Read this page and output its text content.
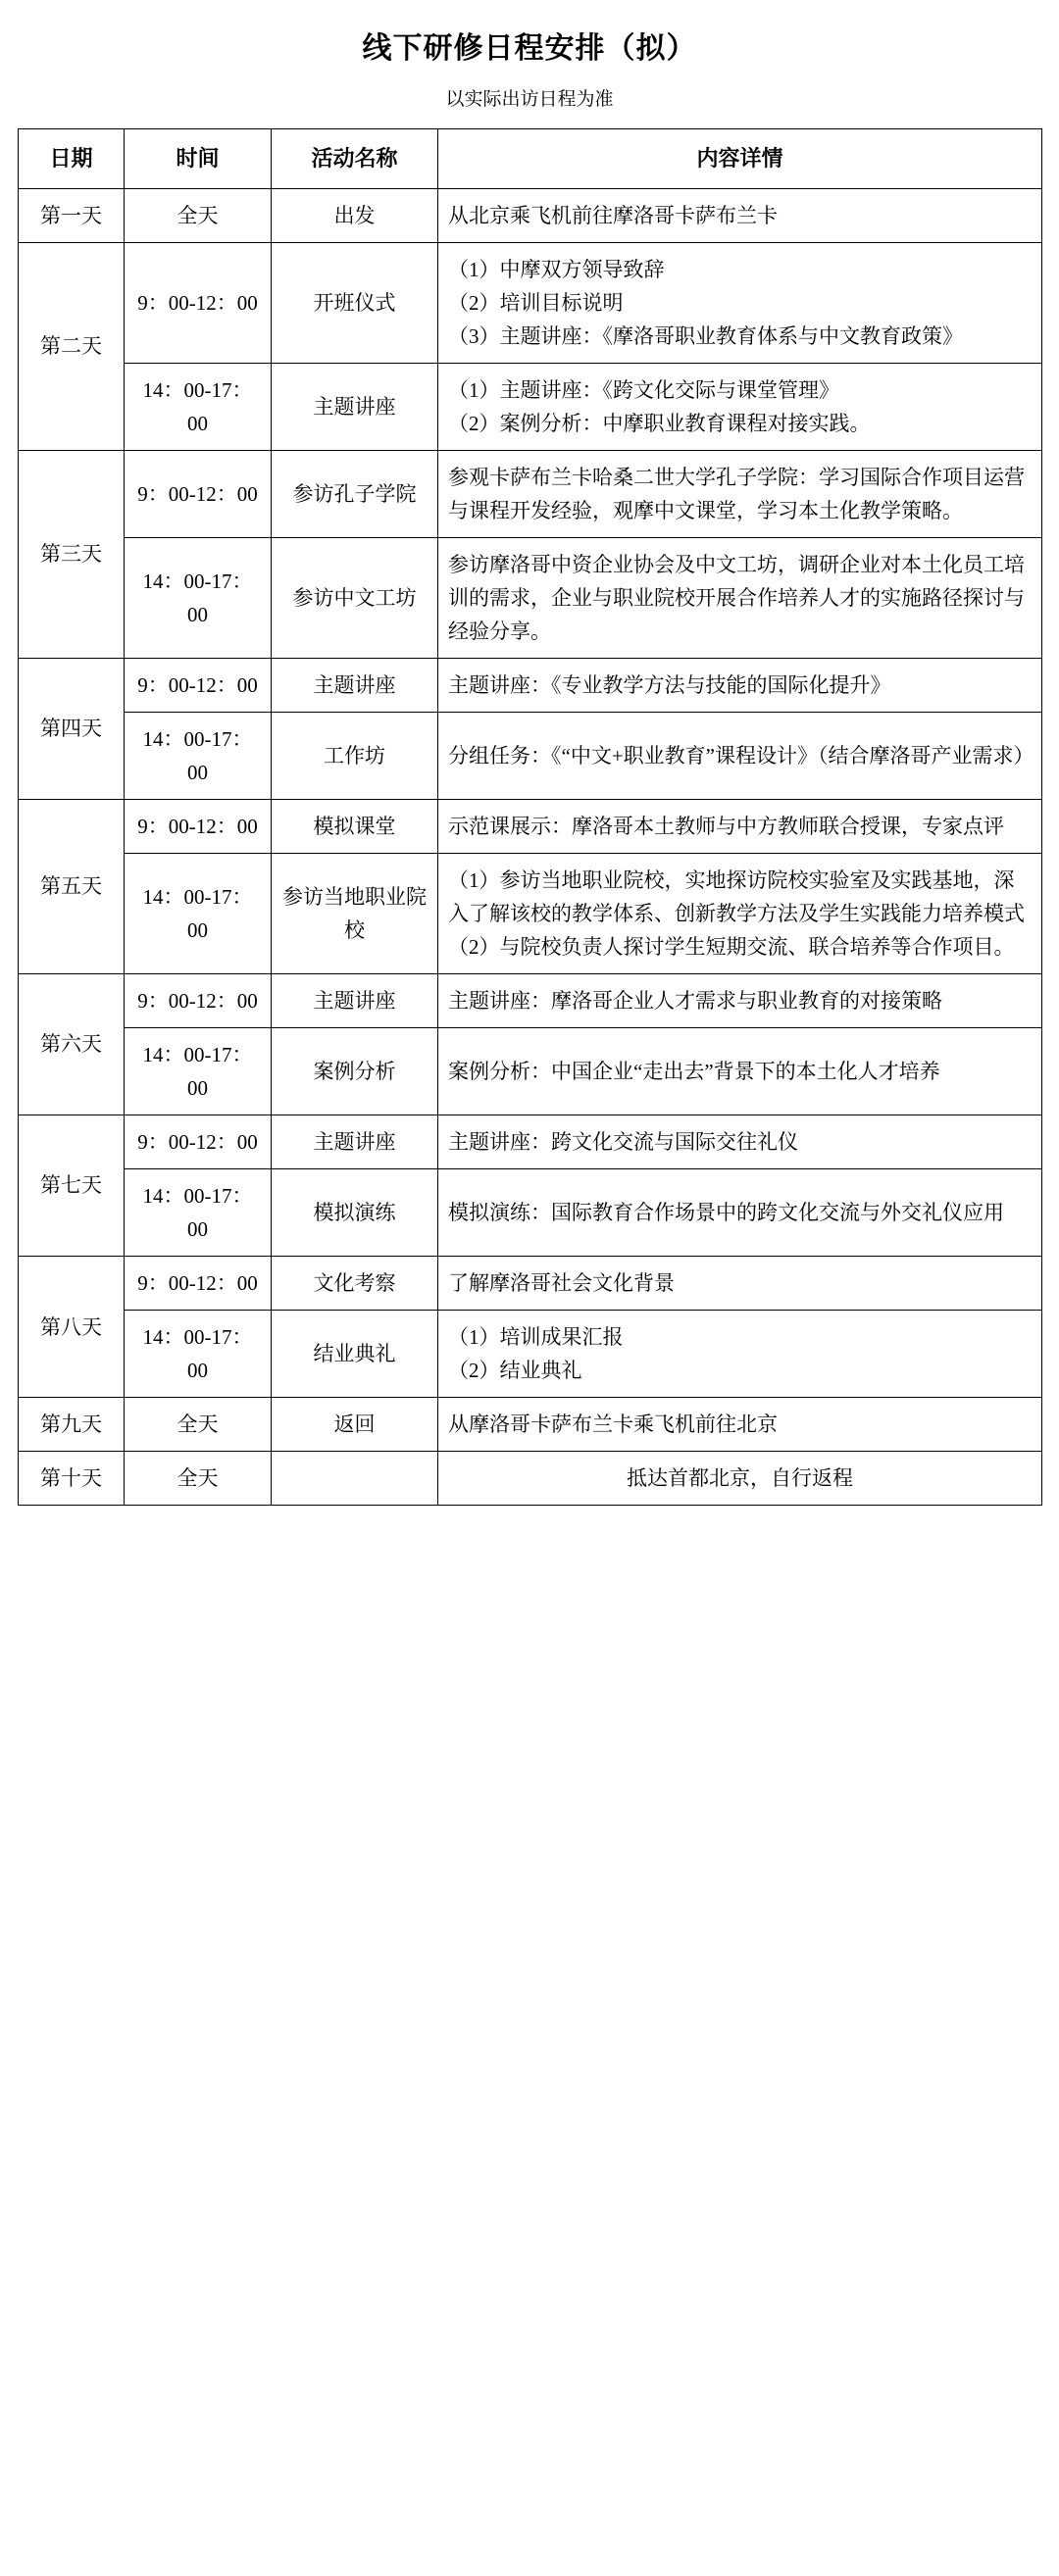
线下研修日程安排（拟）
以实际出访日程为准
日期	时间	活动名称	内容详情
第一天	全天	出发	从北京乘飞机前往摩洛哥卡萨布兰卡

第二天	9：00-12：00	开班仪式	（1）中摩双方领导致辞
（2）培训目标说明
（3）主题讲座：《摩洛哥职业教育体系与中文教育政策》

	14：00-17：00	主题讲座	（1）主题讲座：《跨文化交际与课堂管理》
（2）案例分析：中摩职业教育课程对接实践。

第三天	9：00-12：00	参访孔子学院	参观卡萨布兰卡哈桑二世大学孔子学院：学习国际合作项目运营与课程开发经验，观摩中文课堂，学习本土化教学策略。

	14：00-17：00	参访中文工坊	参访摩洛哥中资企业协会及中文工坊，调研企业对本土化员工培训的需求，企业与职业院校开展合作培养人才的实施路径探讨与经验分享。

第四天	9：00-12：00	主题讲座	主题讲座：《专业教学方法与技能的国际化提升》

	14：00-17：00	工作坊	分组任务：《“中文+职业教育”课程设计》（结合摩洛哥产业需求）

第五天	9：00-12：00	模拟课堂	示范课展示：摩洛哥本土教师与中方教师联合授课，专家点评

	14：00-17：00	参访当地职业院校	（1）参访当地职业院校，实地探访院校实验室及实践基地，深入了解该校的教学体系、创新教学方法及学生实践能力培养模式
（2）与院校负责人探讨学生短期交流、联合培养等合作项目。

第六天	9：00-12：00	主题讲座	主题讲座：摩洛哥企业人才需求与职业教育的对接策略

	14：00-17：00	案例分析	案例分析：中国企业“走出去”背景下的本土化人才培养

第七天	9：00-12：00	主题讲座	主题讲座：跨文化交流与国际交往礼仪

	14：00-17：00	模拟演练	模拟演练：国际教育合作场景中的跨文化交流与外交礼仪应用

第八天	9：00-12：00	文化考察	了解摩洛哥社会文化背景

	14：00-17：00	结业典礼	（1）培训成果汇报
（2）结业典礼

第九天	全天	返回	从摩洛哥卡萨布兰卡乘飞机前往北京

第十天	全天		抵达首都北京，自行返程
